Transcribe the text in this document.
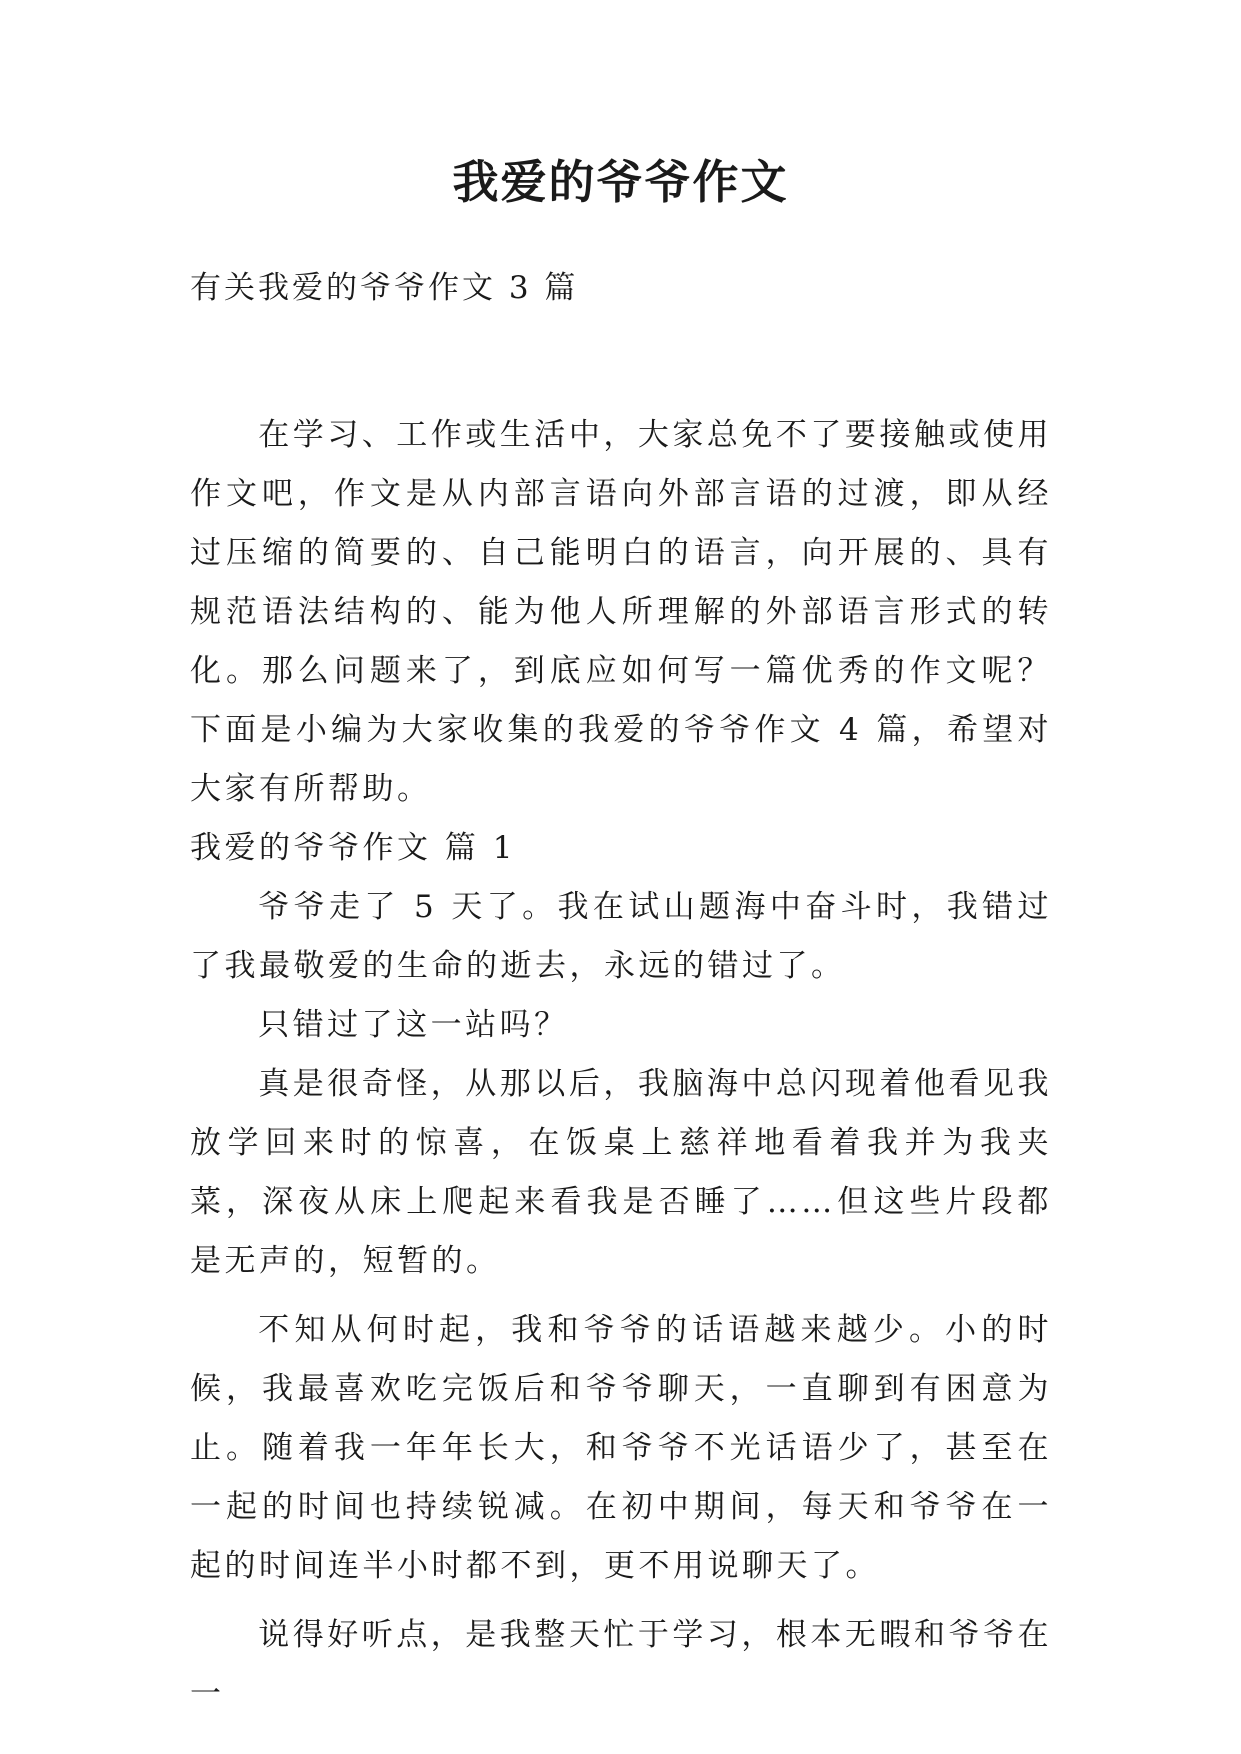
我爱的爷爷作文

有关我爱的爷爷作文 3 篇

在学习、工作或生活中，大家总免不了要接触或使用作文吧，作文是从内部言语向外部言语的过渡，即从经过压缩的简要的、自己能明白的语言，向开展的、具有规范语法结构的、能为他人所理解的外部语言形式的转化。那么问题来了，到底应如何写一篇优秀的作文呢？下面是小编为大家收集的我爱的爷爷作文 4 篇，希望对大家有所帮助。

我爱的爷爷作文 篇 1

爷爷走了 5 天了。我在试山题海中奋斗时，我错过了我最敬爱的生命的逝去，永远的错过了。

只错过了这一站吗？

真是很奇怪，从那以后，我脑海中总闪现着他看见我放学回来时的惊喜，在饭桌上慈祥地看着我并为我夹菜，深夜从床上爬起来看我是否睡了……但这些片段都是无声的，短暂的。

不知从何时起，我和爷爷的话语越来越少。小的时候，我最喜欢吃完饭后和爷爷聊天，一直聊到有困意为止。随着我一年年长大，和爷爷不光话语少了，甚至在一起的时间也持续锐减。在初中期间，每天和爷爷在一起的时间连半小时都不到，更不用说聊天了。

说得好听点，是我整天忙于学习，根本无暇和爷爷在一
